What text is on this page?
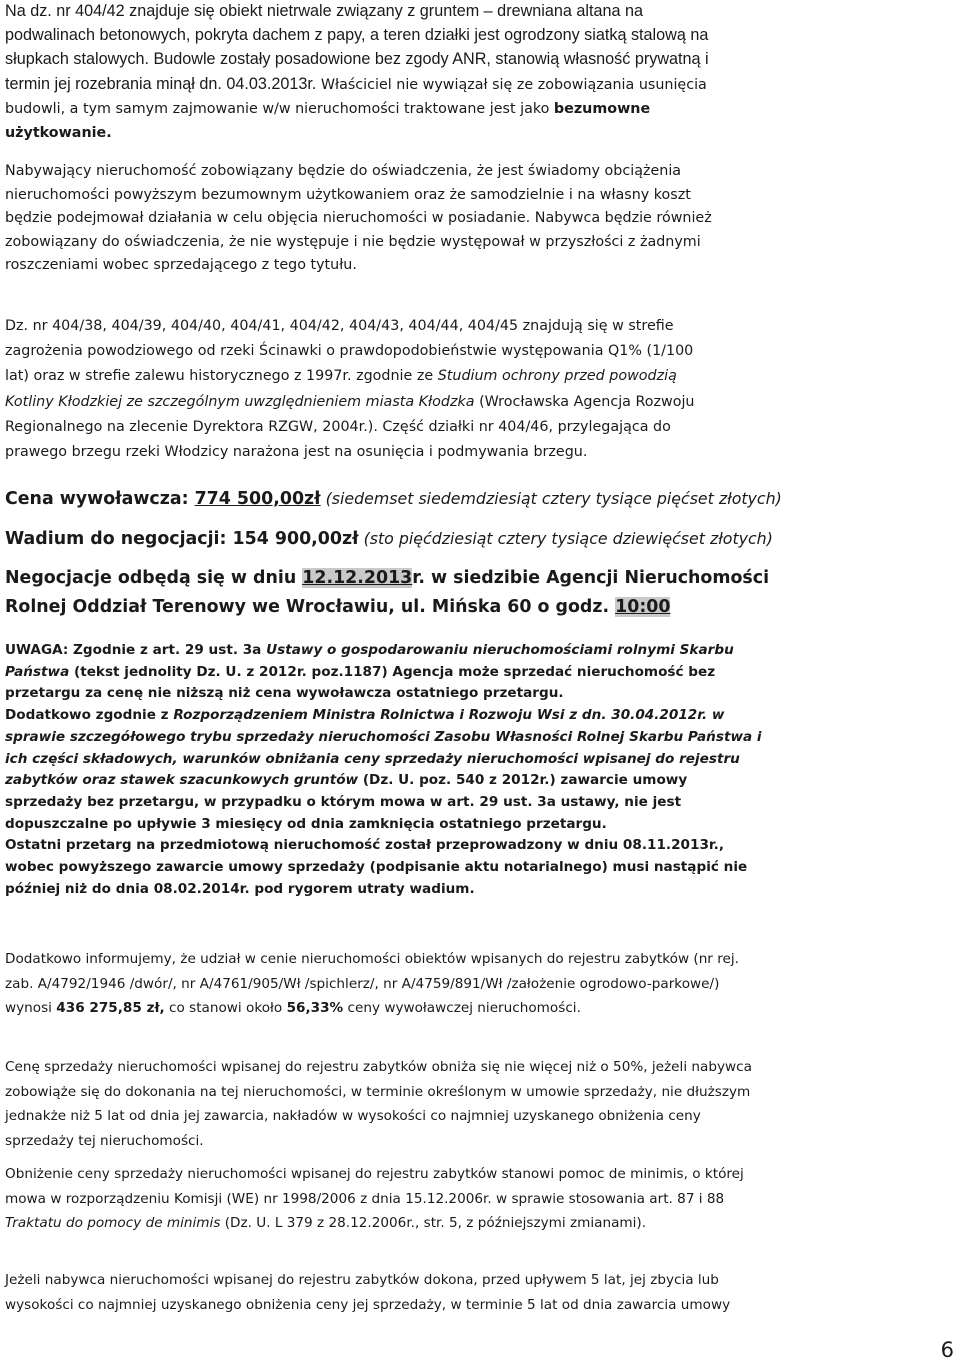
Na dz. nr 404/42 znajduje się obiekt nietrwale związany z gruntem – drewniana altana na
podwalinach betonowych, pokryta dachem z papy, a teren działki jest ogrodzony siatką stalową na
słupkach stalowych. Budowle zostały posadowione bez zgody ANR, stanowią własność prywatną i
termin jej rozebrania minął dn. 04.03.2013r. Właściciel nie wywiązał się ze zobowiązania usunięcia
budowli, a tym samym zajmowanie w/w nieruchomości traktowane jest jako bezumowne
użytkowanie.
Nabywający nieruchomość zobowiązany będzie do oświadczenia, że jest świadomy obciążenia
nieruchomości powyższym bezumownym użytkowaniem oraz że samodzielnie i na własny koszt
będzie podejmował działania w celu objęcia nieruchomości w posiadanie. Nabywca będzie również
zobowiązany do oświadczenia, że nie występuje i nie będzie występował w przyszłości z żadnymi
roszczeniami wobec sprzedającego z tego tytułu.
Dz. nr 404/38, 404/39, 404/40, 404/41, 404/42, 404/43, 404/44, 404/45 znajdują się w strefie
zagrożenia powodziowego od rzeki Ścinawki o prawdopodobieństwie występowania Q1% (1/100
lat) oraz w strefie zalewu historycznego z 1997r. zgodnie ze Studium ochrony przed powodzią
Kotliny Kłodzkiej ze szczególnym uwzględnieniem miasta Kłodzka (Wrocławska Agencja Rozwoju
Regionalnego na zlecenie Dyrektora RZGW, 2004r.). Część działki nr 404/46, przylegająca do
prawego brzegu rzeki Włodzicy narażona jest na osunięcia i podmywania brzegu.
Cena wywoławcza: 774 500,00zł (siedemset siedemdziesiąt cztery tysiące pięćset złotych)
Wadium do negocjacji: 154 900,00zł (sto pięćdziesiąt cztery tysiące dziewięćset złotych)
Negocjacje odbędą się w dniu 12.12.2013r. w siedzibie Agencji Nieruchomości
Rolnej Oddział Terenowy we Wrocławiu, ul. Mińska 60 o godz. 10:00
UWAGA: Zgodnie z art. 29 ust. 3a Ustawy o gospodarowaniu nieruchomościami rolnymi Skarbu
Państwa (tekst jednolity Dz. U. z 2012r. poz.1187) Agencja może sprzedać nieruchomość bez
przetargu za cenę nie niższą niż cena wywoławcza ostatniego przetargu.
Dodatkowo zgodnie z Rozporządzeniem Ministra Rolnictwa i Rozwoju Wsi z dn. 30.04.2012r. w
sprawie szczegółowego trybu sprzedaży nieruchomości Zasobu Własności Rolnej Skarbu Państwa i
ich części składowych, warunków obniżania ceny sprzedaży nieruchomości wpisanej do rejestru
zabytków oraz stawek szacunkowych gruntów (Dz. U. poz. 540 z 2012r.) zawarcie umowy
sprzedaży bez przetargu, w przypadku o którym mowa w art. 29 ust. 3a ustawy, nie jest
dopuszczalne po upływie 3 miesięcy od dnia zamknięcia ostatniego przetargu.
Ostatni przetarg na przedmiotową nieruchomość został przeprowadzony w dniu 08.11.2013r.,
wobec powyższego zawarcie umowy sprzedaży (podpisanie aktu notarialnego) musi nastąpić nie
później niż do dnia 08.02.2014r. pod rygorem utraty wadium.
Dodatkowo informujemy, że udział w cenie nieruchomości obiektów wpisanych do rejestru zabytków (nr rej.
zab. A/4792/1946 /dwór/, nr A/4761/905/Wł /spichlerz/, nr A/4759/891/Wł /założenie ogrodowo-parkowe/)
wynosi 436 275,85 zł, co stanowi około 56,33% ceny wywoławczej nieruchomości.
Cenę sprzedaży nieruchomości wpisanej do rejestru zabytków obniża się nie więcej niż o 50%, jeżeli nabywca
zobowiąże się do dokonania na tej nieruchomości, w terminie określonym w umowie sprzedaży, nie dłuższym
jednakże niż 5 lat od dnia jej zawarcia, nakładów w wysokości co najmniej uzyskanego obniżenia ceny
sprzedaży tej nieruchomości.
Obniżenie ceny sprzedaży nieruchomości wpisanej do rejestru zabytków stanowi pomoc de minimis, o której
mowa w rozporządzeniu Komisji (WE) nr 1998/2006 z dnia 15.12.2006r. w sprawie stosowania art. 87 i 88
Traktatu do pomocy de minimis (Dz. U. L 379 z 28.12.2006r., str. 5, z późniejszymi zmianami).
Jeżeli nabywca nieruchomości wpisanej do rejestru zabytków dokona, przed upływem 5 lat, jej zbycia lub
wysokości co najmniej uzyskanego obniżenia ceny jej sprzedaży, w terminie 5 lat od dnia zawarcia umowy
6
